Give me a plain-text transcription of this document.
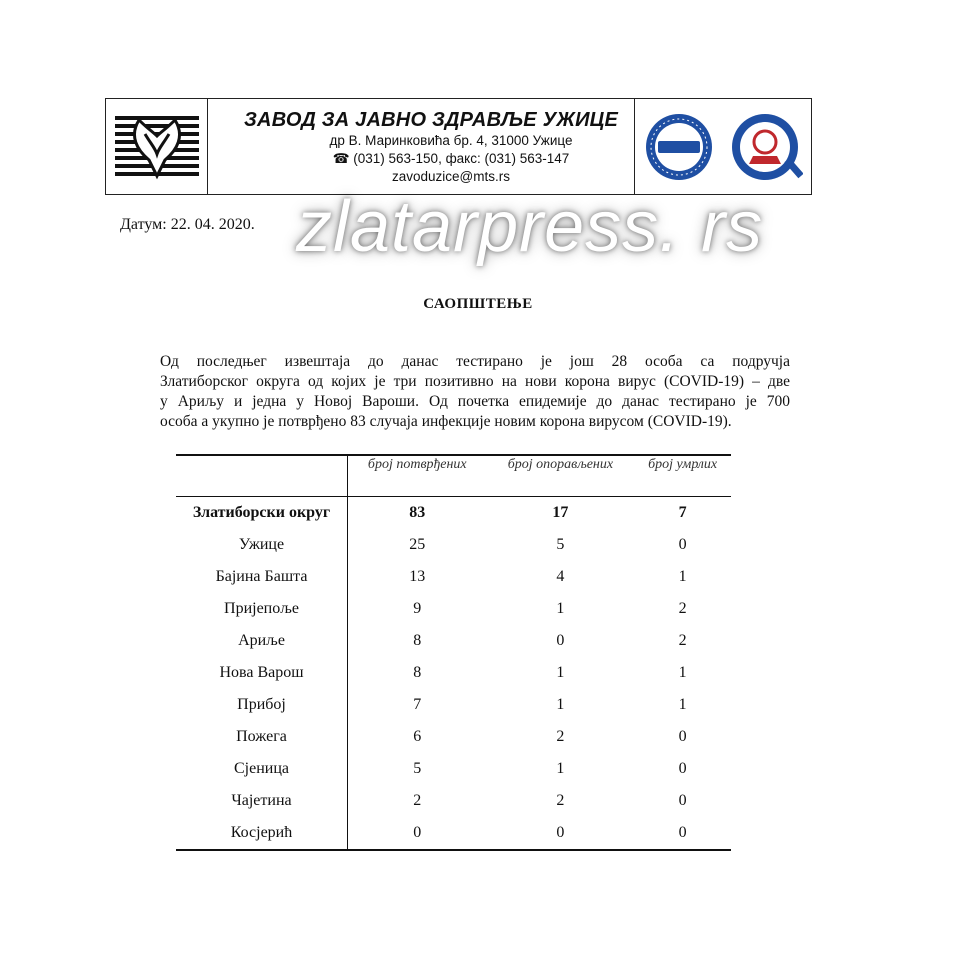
ЗАВОД ЗА ЈАВНО ЗДРАВЉЕ УЖИЦЕ
др В. Маринковића бр. 4, 31000 Ужице
☎ (031) 563-150, факс: (031) 563-147
zavoduzice@mts.rs
Датум: 22. 04. 2020. zlatarpress. rs
САОПШТЕЊЕ
Од последњег извештаја до данас тестирано је још 28 особа са подручја
Златиборског округа од којих је три позитивно на нови корона вирус (COVID-19) – две
у Ариљу и једна у Новој Вароши. Од почетка епидемије до данас тестирано је 700
особа а укупно је потврђено 83 случаја инфекције новим корона вирусом (COVID-19).
	број потврђених	број опорављених	број умрлих
Златиборски округ	83	17	7
Ужице	25	5	0
Бајина Башта	13	4	1
Пријепоље	9	1	2
Ариље	8	0	2
Нова Варош	8	1	1
Прибој	7	1	1
Пожега	6	2	0
Сјеница	5	1	0
Чајетина	2	2	0
Косјерић	0	0	0
